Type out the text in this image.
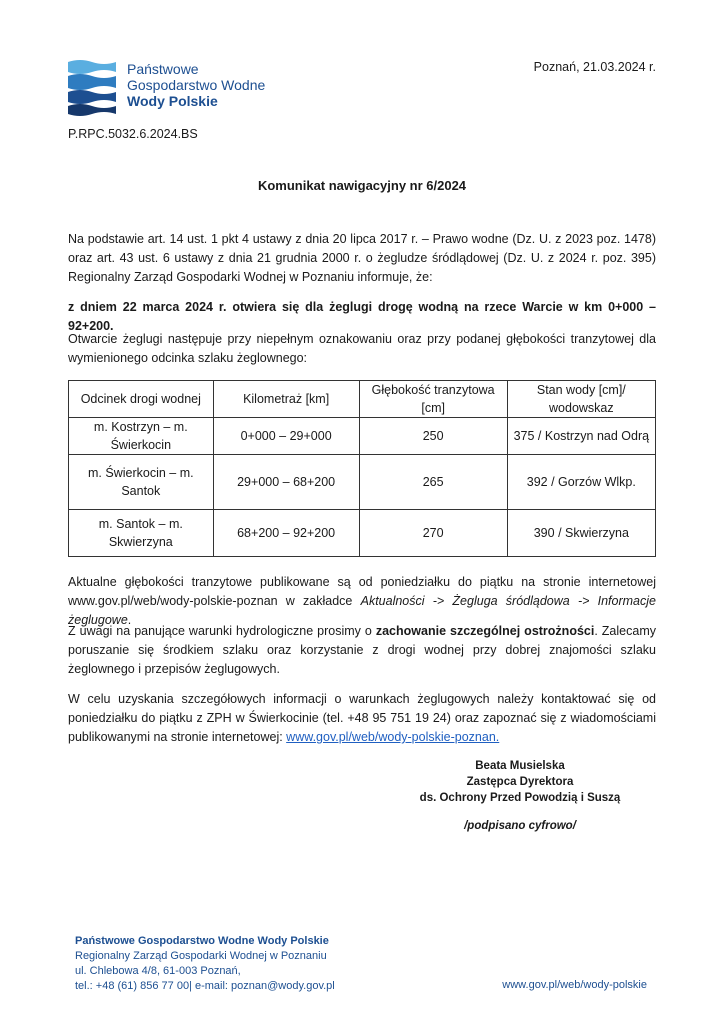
Państwowe
Gospodarstwo Wodne
Wody Polskie
Poznań, 21.03.2024 r.
P.RPC.5032.6.2024.BS
Komunikat nawigacyjny nr 6/2024
Na podstawie art. 14 ust. 1 pkt 4 ustawy z dnia 20 lipca 2017 r. – Prawo wodne (Dz. U. z 2023 poz. 1478) oraz art. 43 ust. 6 ustawy z dnia 21 grudnia 2000 r. o żegludze śródlądowej (Dz. U. z 2024 r. poz. 395) Regionalny Zarząd Gospodarki Wodnej w Poznaniu informuje, że:
z dniem 22 marca 2024 r. otwiera się dla żeglugi drogę wodną na rzece Warcie w km 0+000 – 92+200.
Otwarcie żeglugi następuje przy niepełnym oznakowaniu oraz przy podanej głębokości tranzytowej dla wymienionego odcinka szlaku żeglownego:
Odcinek drogi wodnej	Kilometraż [km]	Głębokość tranzytowa [cm]	Stan wody [cm]/ wodowskaz
m. Kostrzyn – m. Świerkocin	0+000 – 29+000	250	375 / Kostrzyn nad Odrą
m. Świerkocin – m. Santok	29+000 – 68+200	265	392 / Gorzów Wlkp.
m. Santok – m. Skwierzyna	68+200 – 92+200	270	390 / Skwierzyna
Aktualne głębokości tranzytowe publikowane są od poniedziałku do piątku na stronie internetowej www.gov.pl/web/wody-polskie-poznan w zakładce Aktualności -> Żegluga śródlądowa -> Informacje żeglugowe.
Z uwagi na panujące warunki hydrologiczne prosimy o zachowanie szczególnej ostrożności. Zalecamy poruszanie się środkiem szlaku oraz korzystanie z drogi wodnej przy dobrej znajomości szlaku żeglownego i przepisów żeglugowych.
W celu uzyskania szczegółowych informacji o warunkach żeglugowych należy kontaktować się od poniedziałku do piątku z ZPH w Świerkocinie (tel. +48 95 751 19 24) oraz zapoznać się z wiadomościami publikowanymi na stronie internetowej: www.gov.pl/web/wody-polskie-poznan.
Beata Musielska
Zastępca Dyrektora
ds. Ochrony Przed Powodzią i Suszą
/podpisano cyfrowo/
Państwowe Gospodarstwo Wodne Wody Polskie
Regionalny Zarząd Gospodarki Wodnej w Poznaniu
ul. Chlebowa 4/8, 61-003 Poznań,
tel.: +48 (61) 856 77 00| e-mail: poznan@wody.gov.pl	www.gov.pl/web/wody-polskie
